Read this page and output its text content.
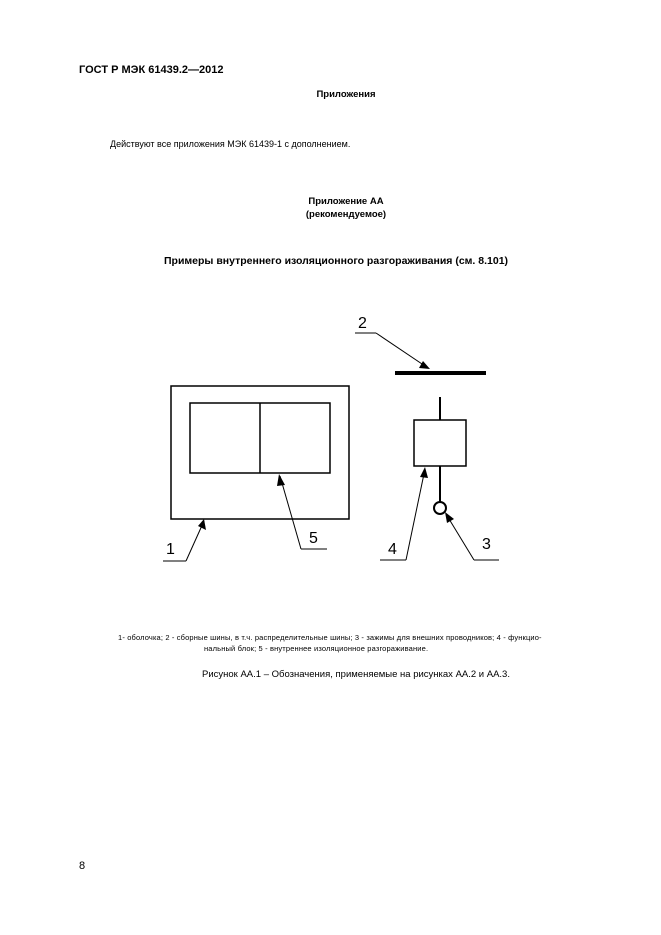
ГОСТ Р МЭК 61439.2—2012
Приложения
Действуют все приложения МЭК 61439-1 с дополнением.
Приложение АА
(рекомендуемое)
Примеры внутреннего изоляционного разгораживания (см. 8.101)
1
5
2
4	3
1- оболочка; 2 - сборные шины, в т.ч. распределительные шины; 3 - зажимы для внешних проводников; 4 - функцио-
нальный блок; 5 - внутреннее изоляционное разгораживание.
Рисунок АА.1 – Обозначения, применяемые на рисунках АА.2 и АА.3.
8
